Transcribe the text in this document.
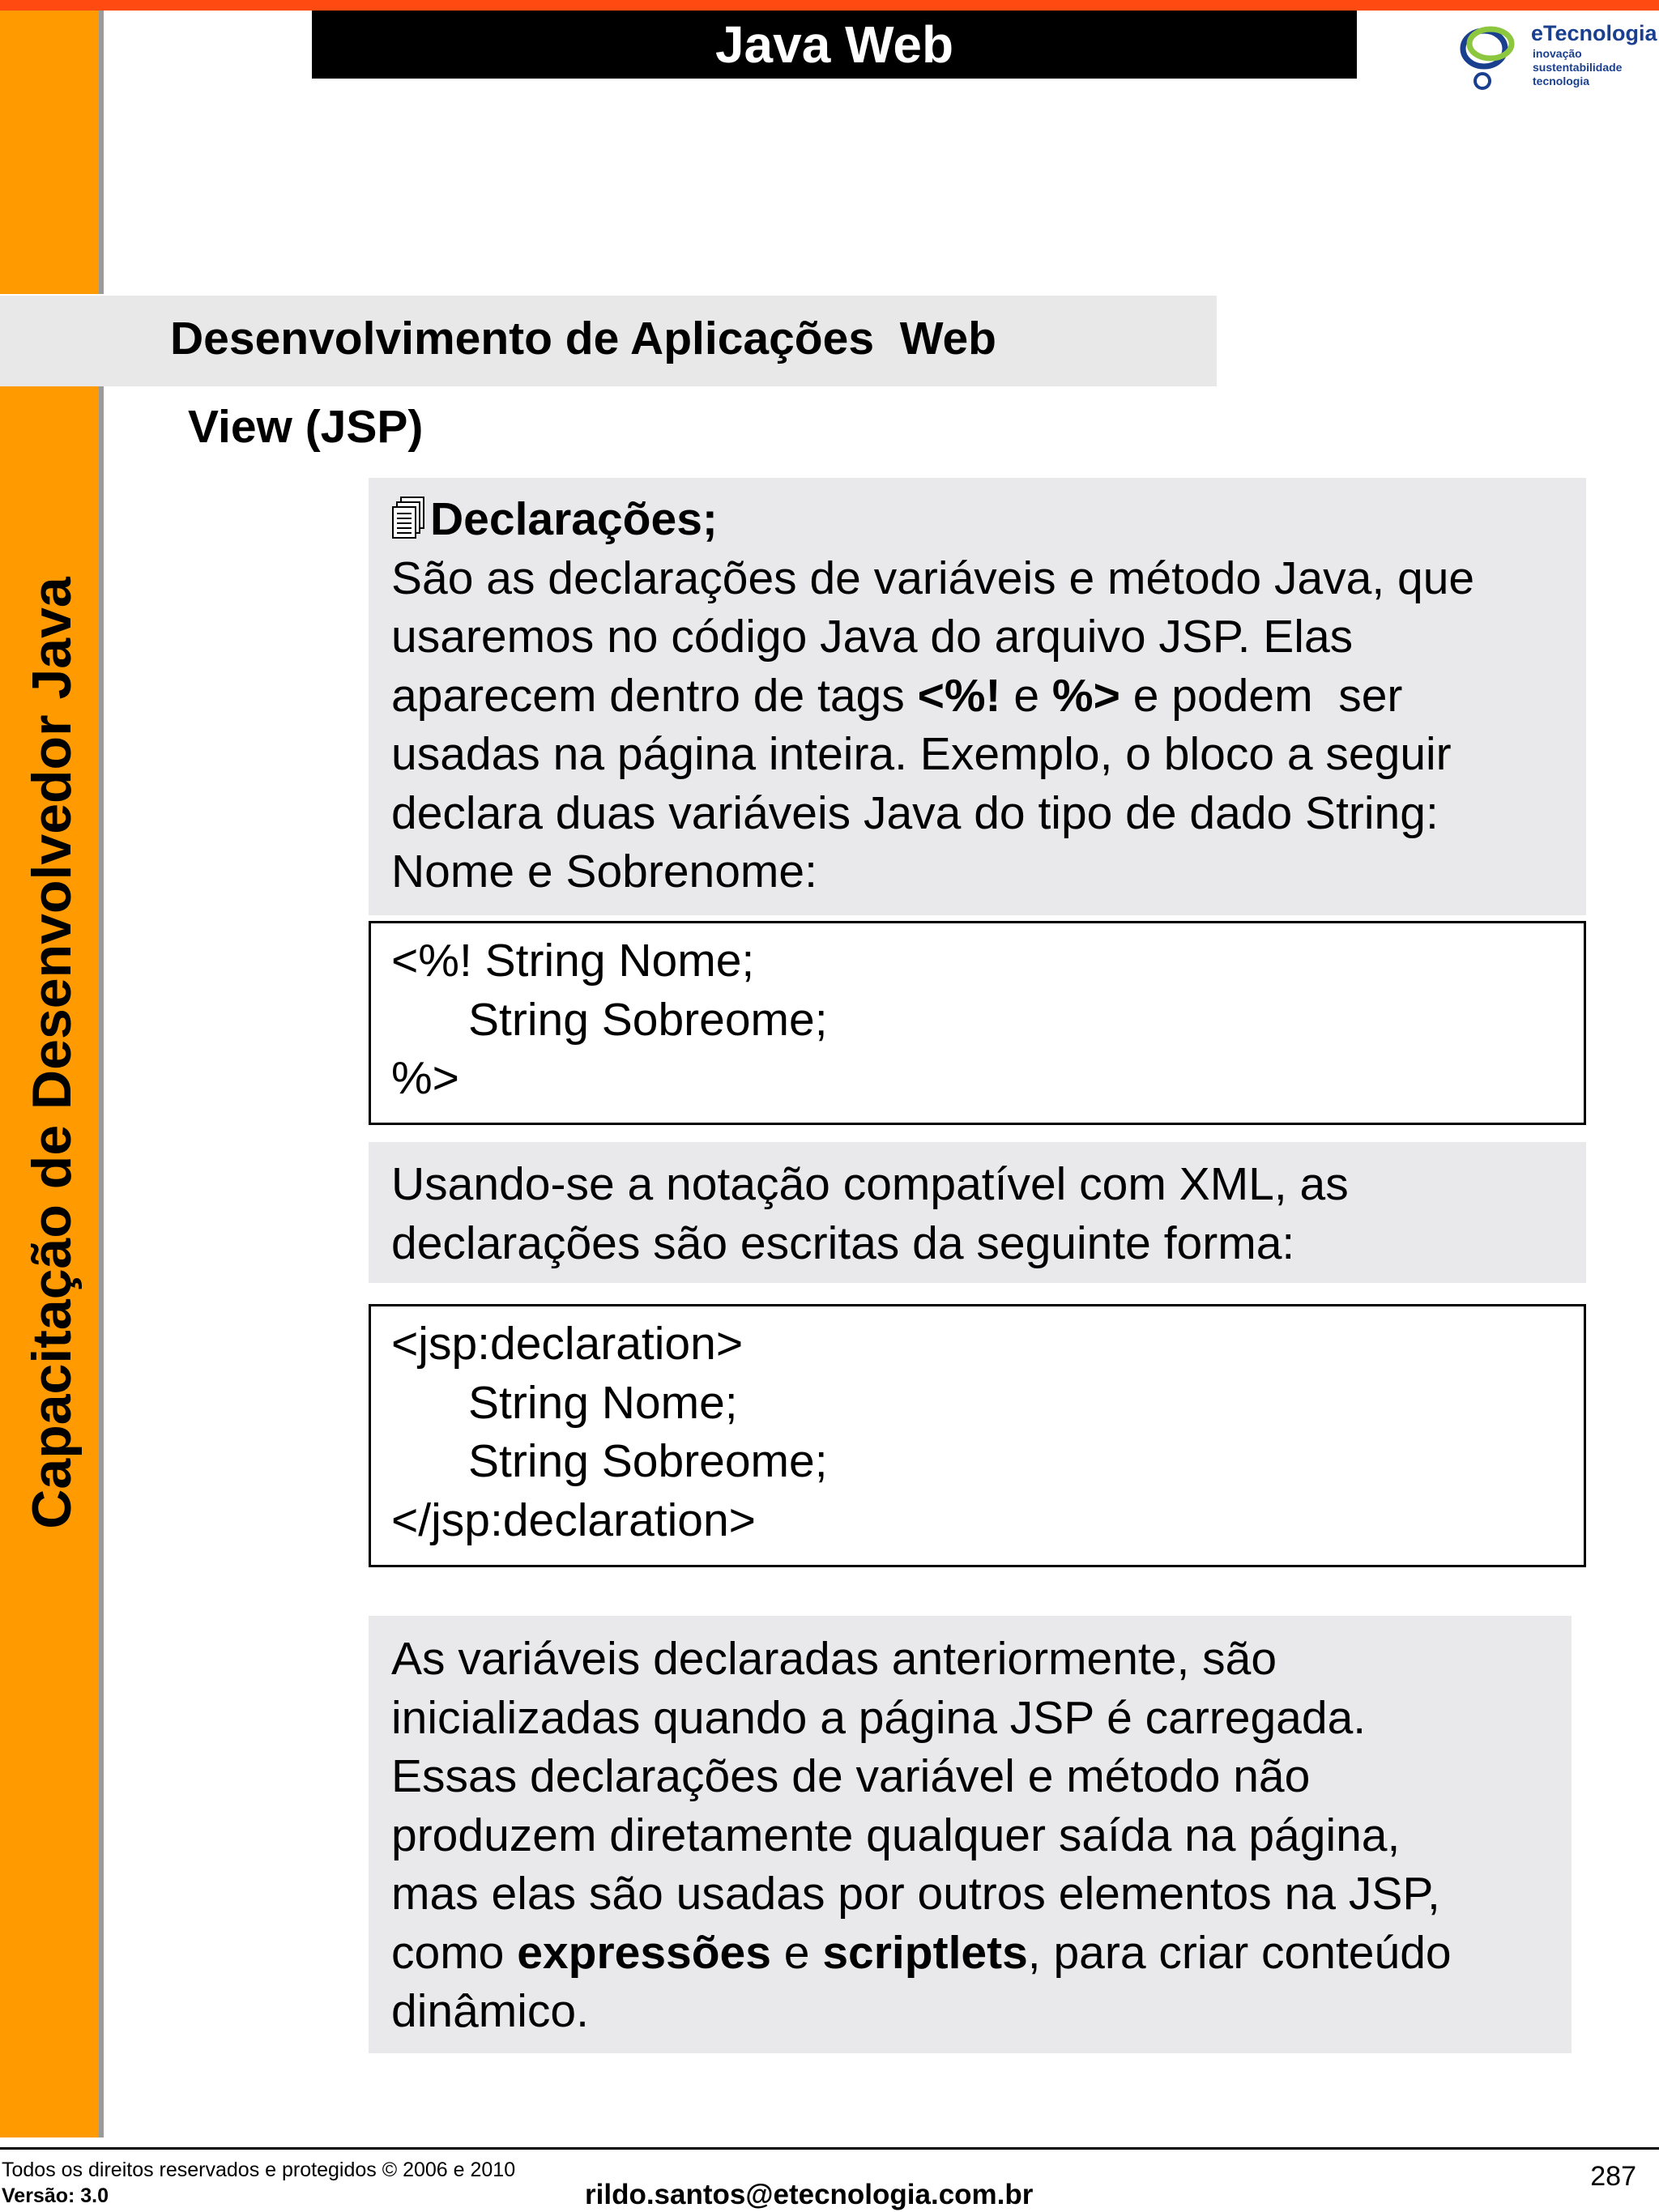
Capacitação de Desenvolvedor Java
Java Web	eTecnologia
inovação
sustentabilidade
tecnologia
Desenvolvimento de Aplicações  Web
View (JSP)
Declarações;
São as declarações de variáveis e método Java, que
usaremos no código Java do arquivo JSP. Elas
aparecem dentro de tags <%! e %> e podem  ser
usadas na página inteira. Exemplo, o bloco a seguir
declara duas variáveis Java do tipo de dado String:
Nome e Sobrenome:
<%! String Nome;
String Sobreome;
%>
Usando-se a notação compatível com XML, as
declarações são escritas da seguinte forma:
<jsp:declaration>
String Nome;
String Sobreome;
</jsp:declaration>
As variáveis declaradas anteriormente, são
inicializadas quando a página JSP é carregada.
Essas declarações de variável e método não
produzem diretamente qualquer saída na página,
mas elas são usadas por outros elementos na JSP,
como expressões e scriptlets, para criar conteúdo
dinâmico.
Todos os direitos reservados e protegidos © 2006 e 2010
Versão: 3.0	rildo.santos@etecnologia.com.br
287
